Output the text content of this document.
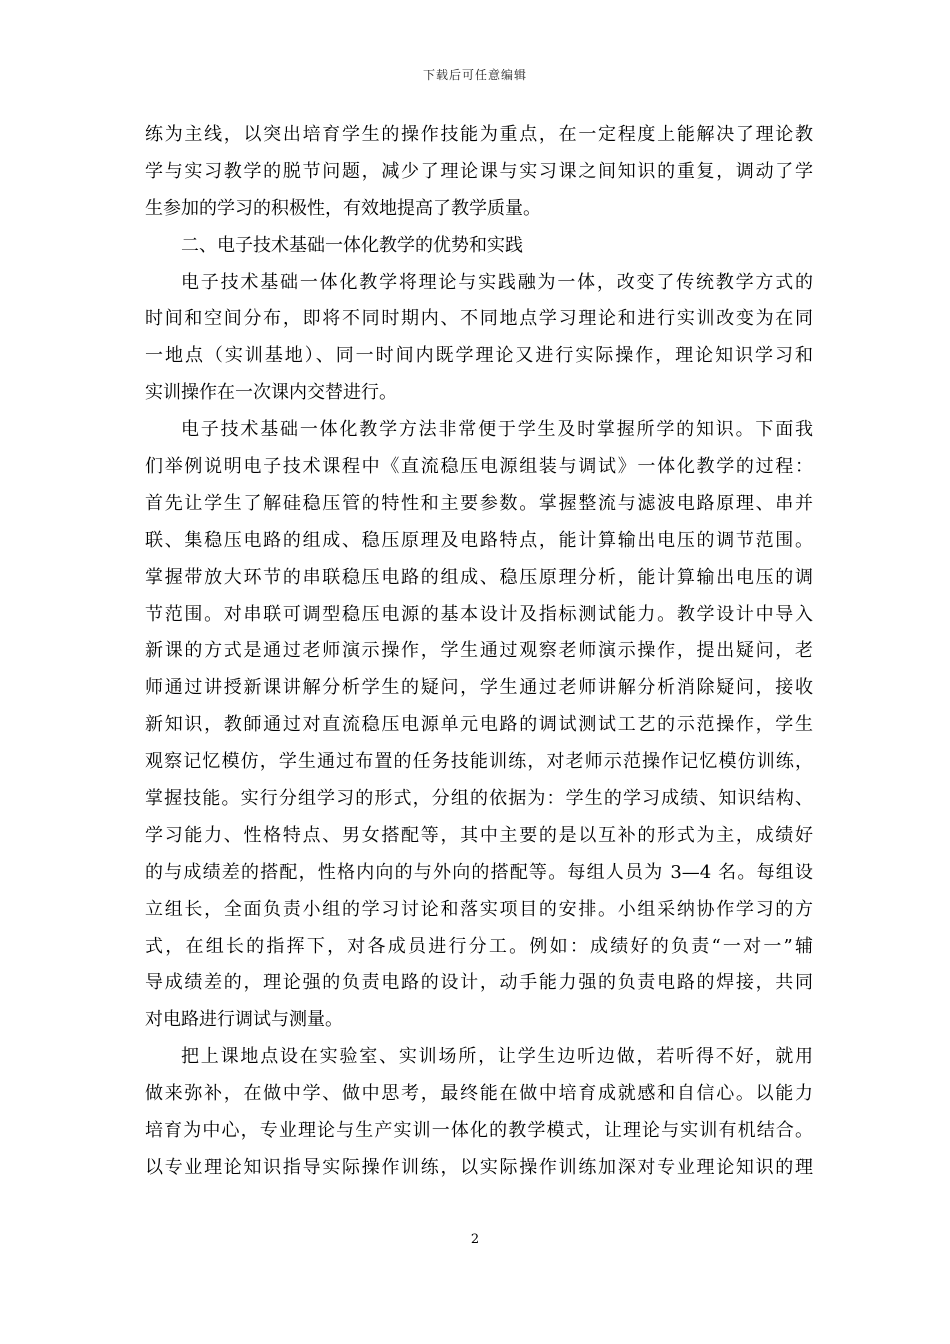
下载后可任意编辑
练为主线，以突出培育学生的操作技能为重点，在一定程度上能解决了理论教
学与实习教学的脱节问题，减少了理论课与实习课之间知识的重复，调动了学
生参加的学习的积极性，有效地提高了教学质量。
二、电子技术基础一体化教学的优势和实践
电子技术基础一体化教学将理论与实践融为一体，改变了传统教学方式的
时间和空间分布，即将不同时期内、不同地点学习理论和进行实训改变为在同
一地点（实训基地）、同一时间内既学理论又进行实际操作，理论知识学习和
实训操作在一次课内交替进行。
电子技术基础一体化教学方法非常便于学生及时掌握所学的知识。下面我
们举例说明电子技术课程中《直流稳压电源组装与调试》一体化教学的过程：
首先让学生了解硅稳压管的特性和主要参数。掌握整流与滤波电路原理、串并
联、集稳压电路的组成、稳压原理及电路特点，能计算输出电压的调节范围。
掌握带放大环节的串联稳压电路的组成、稳压原理分析，能计算输出电压的调
节范围。对串联可调型稳压电源的基本设计及指标测试能力。教学设计中导入
新课的方式是通过老师演示操作，学生通过观察老师演示操作，提出疑问，老
师通过讲授新课讲解分析学生的疑问，学生通过老师讲解分析消除疑问，接收
新知识，教師通过对直流稳压电源单元电路的调试测试工艺的示范操作，学生
观察记忆模仿，学生通过布置的任务技能训练，对老师示范操作记忆模仿训练，
掌握技能。实行分组学习的形式，分组的依据为：学生的学习成绩、知识结构、
学习能力、性格特点、男女搭配等，其中主要的是以互补的形式为主，成绩好
的与成绩差的搭配，性格内向的与外向的搭配等。每组人员为 3—4 名。每组设
立组长，全面负责小组的学习讨论和落实项目的安排。小组采纳协作学习的方
式，在组长的指挥下，对各成员进行分工。例如：成绩好的负责“一对一”辅
导成绩差的，理论强的负责电路的设计，动手能力强的负责电路的焊接，共同
对电路进行调试与测量。
把上课地点设在实验室、实训场所，让学生边听边做，若听得不好，就用
做来弥补，在做中学、做中思考，最终能在做中培育成就感和自信心。以能力
培育为中心，专业理论与生产实训一体化的教学模式，让理论与实训有机结合。
以专业理论知识指导实际操作训练，以实际操作训练加深对专业理论知识的理
2
